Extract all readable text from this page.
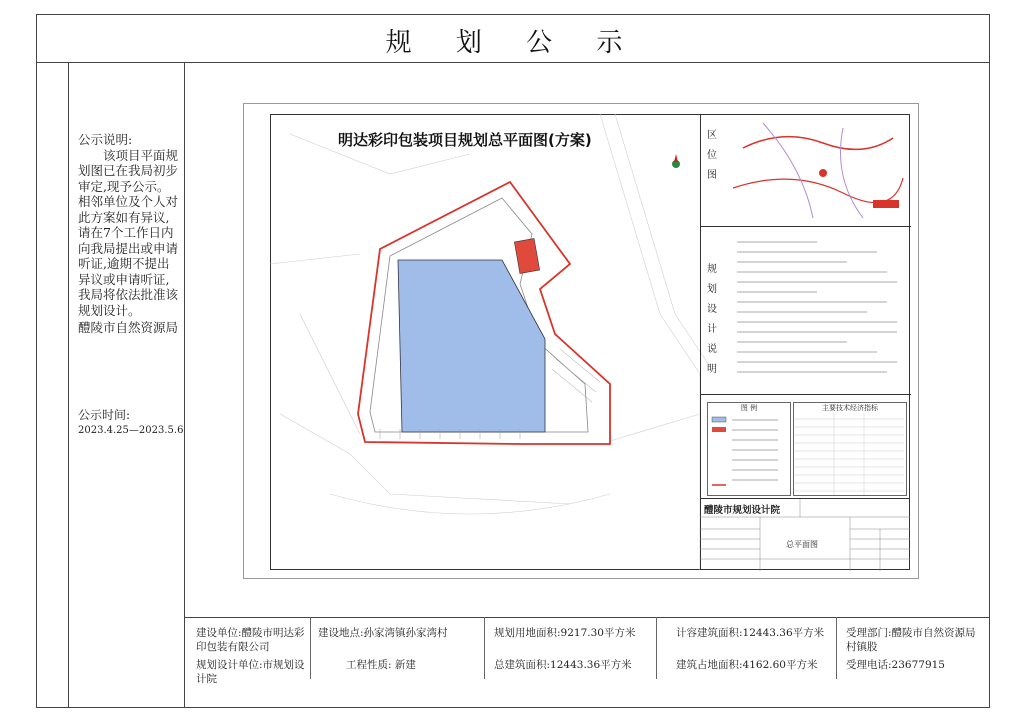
规 划 公 示
公示说明:
该项目平面规划图已在我局初步审定,现予公示。相邻单位及个人对此方案如有异议,请在7个工作日内向我局提出或申请听证,逾期不提出异议或申请听证,我局将依法批准该规划设计。
醴陵市自然资源局
公示时间:
2023.4.25—2023.5.6
明达彩印包装项目规划总平面图(方案)	区 位 图
规 划 设 计 说 明
图 例	主要技术经济指标
醴陵市规划设计院
总平面图
建设单位:醴陵市明达彩印包装有限公司
规划设计单位:市规划设计院
建设地点:孙家湾镇孙家湾村
工程性质: 新建
规划用地面积:9217.30平方米
总建筑面积:12443.36平方米
计容建筑面积:12443.36平方米
建筑占地面积:4162.60平方米
受理部门:醴陵市自然资源局村镇股
受理电话:23677915
